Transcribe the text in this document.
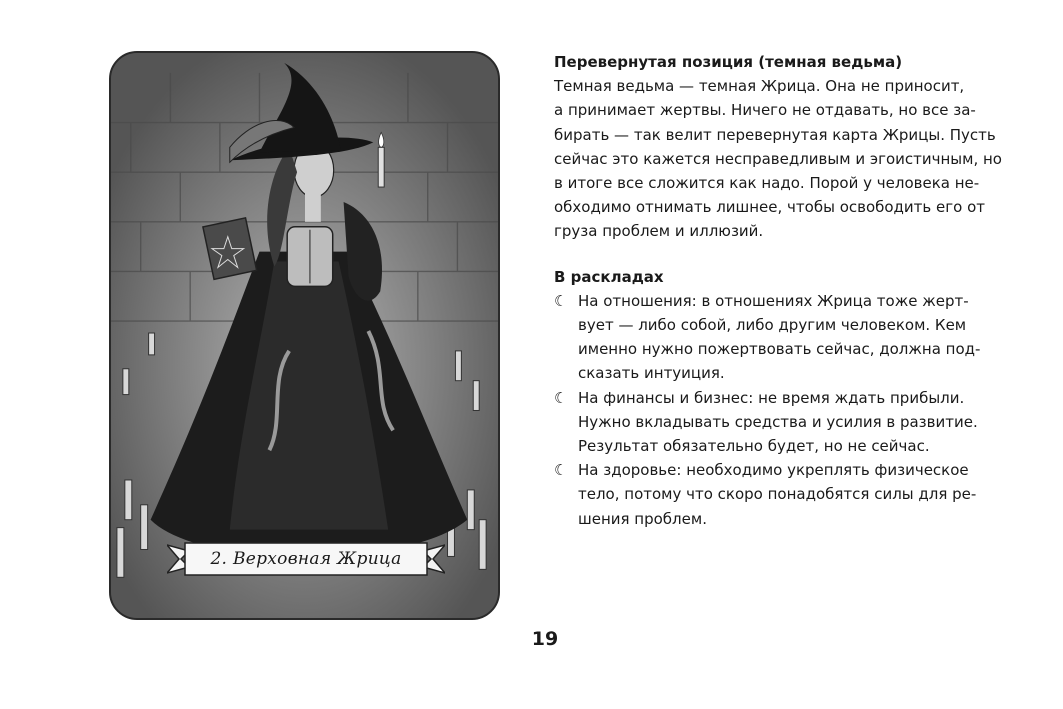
2. Верховная Жрица

Перевернутая позиция (темная ведьма)

Темная ведьма — темная Жрица. Она не приносит,
а принимает жертвы. Ничего не отдавать, но все за-
бирать — так велит перевернутая карта Жрицы. Пусть
сейчас это кажется несправедливым и эгоистичным, но
в итоге все сложится как надо. Порой у человека не-
обходимо отнимать лишнее, чтобы освободить его от
груза проблем и иллюзий.

В раскладах

☾ На отношения: в отношениях Жрица тоже жерт-
вует — либо собой, либо другим человеком. Кем
именно нужно пожертвовать сейчас, должна под-
сказать интуиция.
☾ На финансы и бизнес: не время ждать прибыли.
Нужно вкладывать средства и усилия в развитие.
Результат обязательно будет, но не сейчас.
☾ На здоровье: необходимо укреплять физическое
тело, потому что скоро понадобятся силы для ре-
шения проблем.
19
